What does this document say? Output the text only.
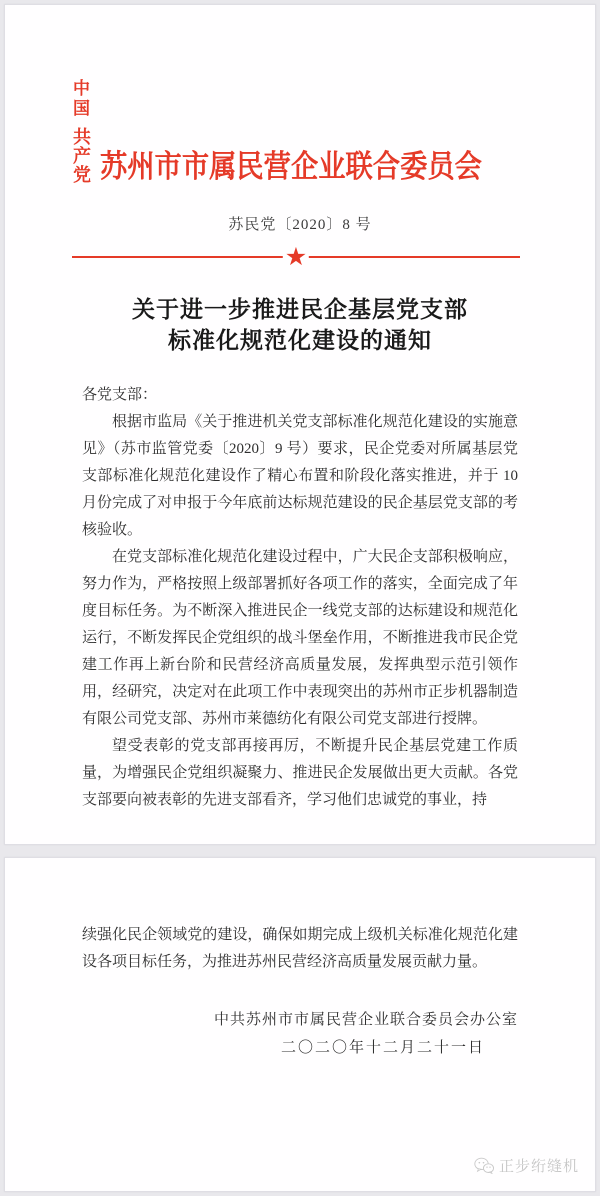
中 国
共产党 苏州市市属民营企业联合委员会
苏民党〔2020〕8 号
★
关于进一步推进民企基层党支部
标准化规范化建设的通知
各党支部：

根据市监局《关于推进机关党支部标准化规范化建设的实施意见》（苏市监管党委〔2020〕9 号）要求，民企党委对所属基层党支部标准化规范化建设作了精心布置和阶段化落实推进，并于 10 月份完成了对申报于今年底前达标规范建设的民企基层党支部的考核验收。

在党支部标准化规范化建设过程中，广大民企支部积极响应，努力作为，严格按照上级部署抓好各项工作的落实，全面完成了年度目标任务。为不断深入推进民企一线党支部的达标建设和规范化运行，不断发挥民企党组织的战斗堡垒作用，不断推进我市民企党建工作再上新台阶和民营经济高质量发展，发挥典型示范引领作用，经研究，决定对在此项工作中表现突出的苏州市正步机器制造有限公司党支部、苏州市莱德纺化有限公司党支部进行授牌。

望受表彰的党支部再接再厉，不断提升民企基层党建工作质量，为增强民企党组织凝聚力、推进民企发展做出更大贡献。各党支部要向被表彰的先进支部看齐，学习他们忠诚党的事业，持

续强化民企领域党的建设，确保如期完成上级机关标准化规范化建设各项目标任务，为推进苏州民营经济高质量发展贡献力量。

中共苏州市市属民营企业联合委员会办公室
二〇二〇年十二月二十一日
正步绗缝机
